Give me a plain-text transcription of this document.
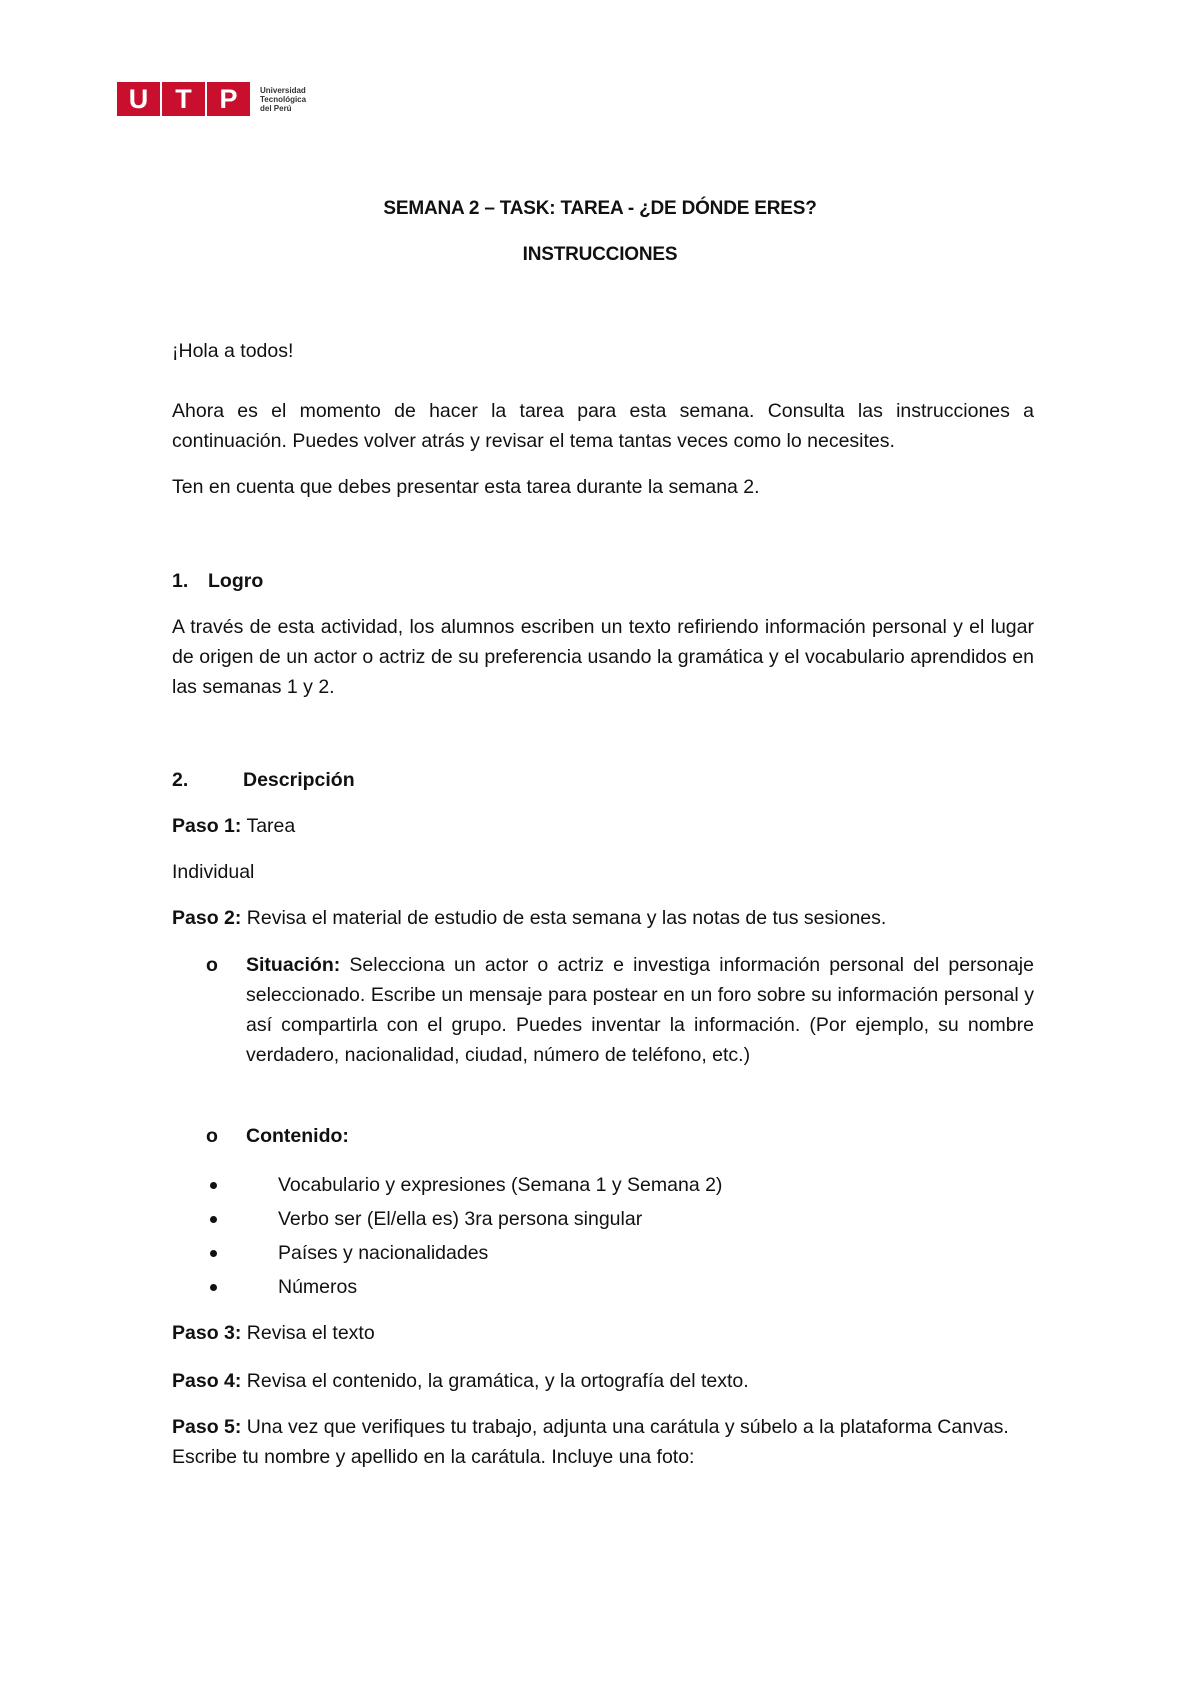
U	T	P	Universidad
Tecnológica
del Perú
SEMANA 2 – TASK: TAREA - ¿DE DÓNDE ERES?
INSTRUCCIONES
¡Hola a todos!
Ahora es el momento de hacer la tarea para esta semana. Consulta las instrucciones a continuación. Puedes volver atrás y revisar el tema tantas veces como lo necesites.
Ten en cuenta que debes presentar esta tarea durante la semana 2.
1. Logro
A través de esta actividad, los alumnos escriben un texto refiriendo información personal y el lugar de origen de un actor o actriz de su preferencia usando la gramática y el vocabulario aprendidos en las semanas 1 y 2.
2.	Descripción
Paso 1: Tarea
Individual
Paso 2: Revisa el material de estudio de esta semana y las notas de tus sesiones.
o Situación: Selecciona un actor o actriz e investiga información personal del personaje seleccionado. Escribe un mensaje para postear en un foro sobre su información personal y así compartirla con el grupo. Puedes inventar la información. (Por ejemplo, su nombre verdadero, nacionalidad, ciudad, número de teléfono, etc.)
o Contenido:
Vocabulario y expresiones (Semana 1 y Semana 2)
Verbo ser (El/ella es) 3ra persona singular
Países y nacionalidades
Números
Paso 3: Revisa el texto
Paso 4: Revisa el contenido, la gramática, y la ortografía del texto.
Paso 5: Una vez que verifiques tu trabajo, adjunta una carátula y súbelo a la plataforma Canvas. Escribe tu nombre y apellido en la carátula. Incluye una foto:
